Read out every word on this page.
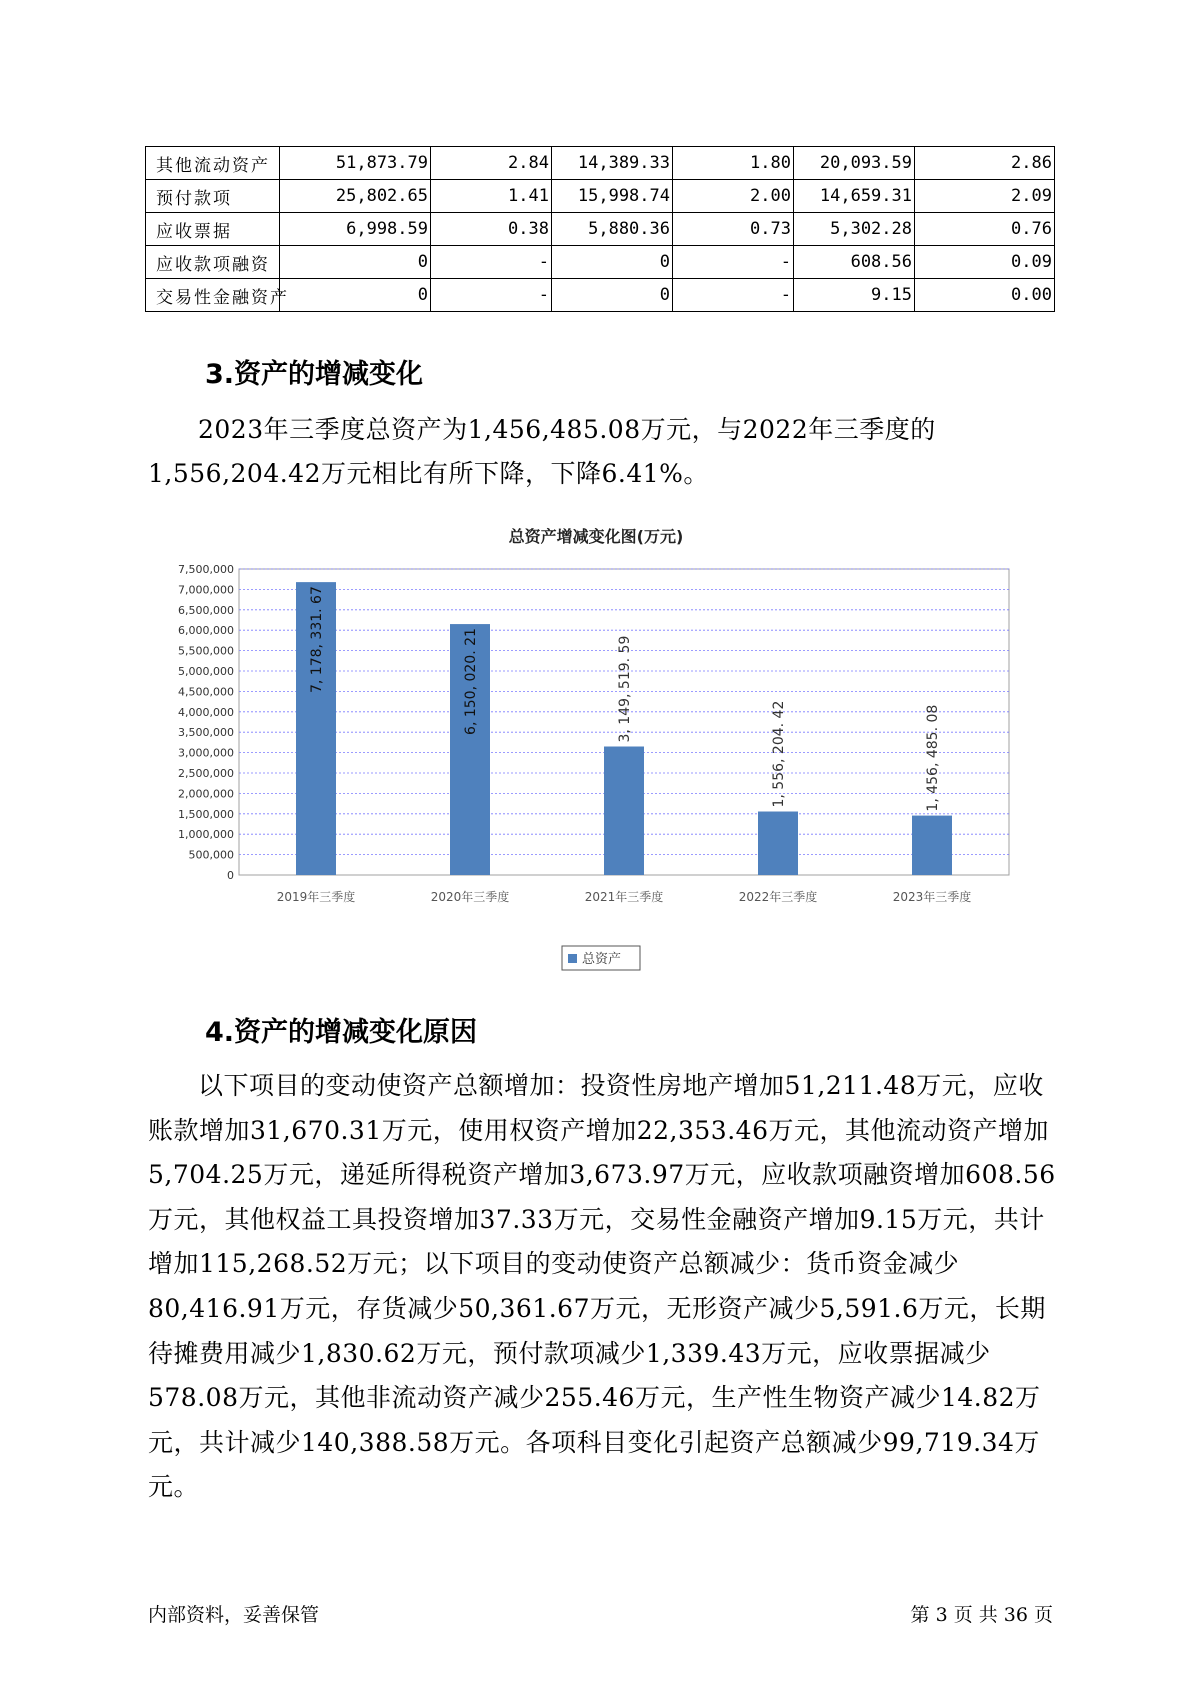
其他流动资产	51,873.79	2.84	14,389.33	1.80	20,093.59	2.86
预付款项	25,802.65	1.41	15,998.74	2.00	14,659.31	2.09
应收票据	6,998.59	0.38	5,880.36	0.73	5,302.28	0.76
应收款项融资	0	-	0	-	608.56	0.09
交易性金融资产	0	-	0	-	9.15	0.00
3.资产的增减变化

2023年三季度总资产为1,456,485.08万元，与2022年三季度的1,556,204.42万元相比有所下降，下降6.41%。

总资产增减变化图(万元)
7, 178, 331. 67	6, 150, 020. 21	3, 149, 519. 59
1, 556, 204. 42	1, 456, 485. 08
0
500,000
1,000,000
1,500,000
2,000,000
2,500,000
3,000,000
3,500,000
4,000,000
4,500,000
5,000,000
5,500,000
6,000,000
6,500,000
7,000,000
7,500,000
2019年三季度	2020年三季度	2021年三季度	2022年三季度	2023年三季度
总资产
4.资产的增减变化原因

以下项目的变动使资产总额增加：投资性房地产增加51,211.48万元，应收账款增加31,670.31万元，使用权资产增加22,353.46万元，其他流动资产增加5,704.25万元，递延所得税资产增加3,673.97万元，应收款项融资增加608.56万元，其他权益工具投资增加37.33万元，交易性金融资产增加9.15万元，共计增加115,268.52万元；以下项目的变动使资产总额减少：货币资金减少80,416.91万元，存货减少50,361.67万元，无形资产减少5,591.6万元，长期待摊费用减少1,830.62万元，预付款项减少1,339.43万元，应收票据减少578.08万元，其他非流动资产减少255.46万元，生产性生物资产减少14.82万元，共计减少140,388.58万元。各项科目变化引起资产总额减少99,719.34万元。

内部资料，妥善保管	第 3 页 共 36 页
